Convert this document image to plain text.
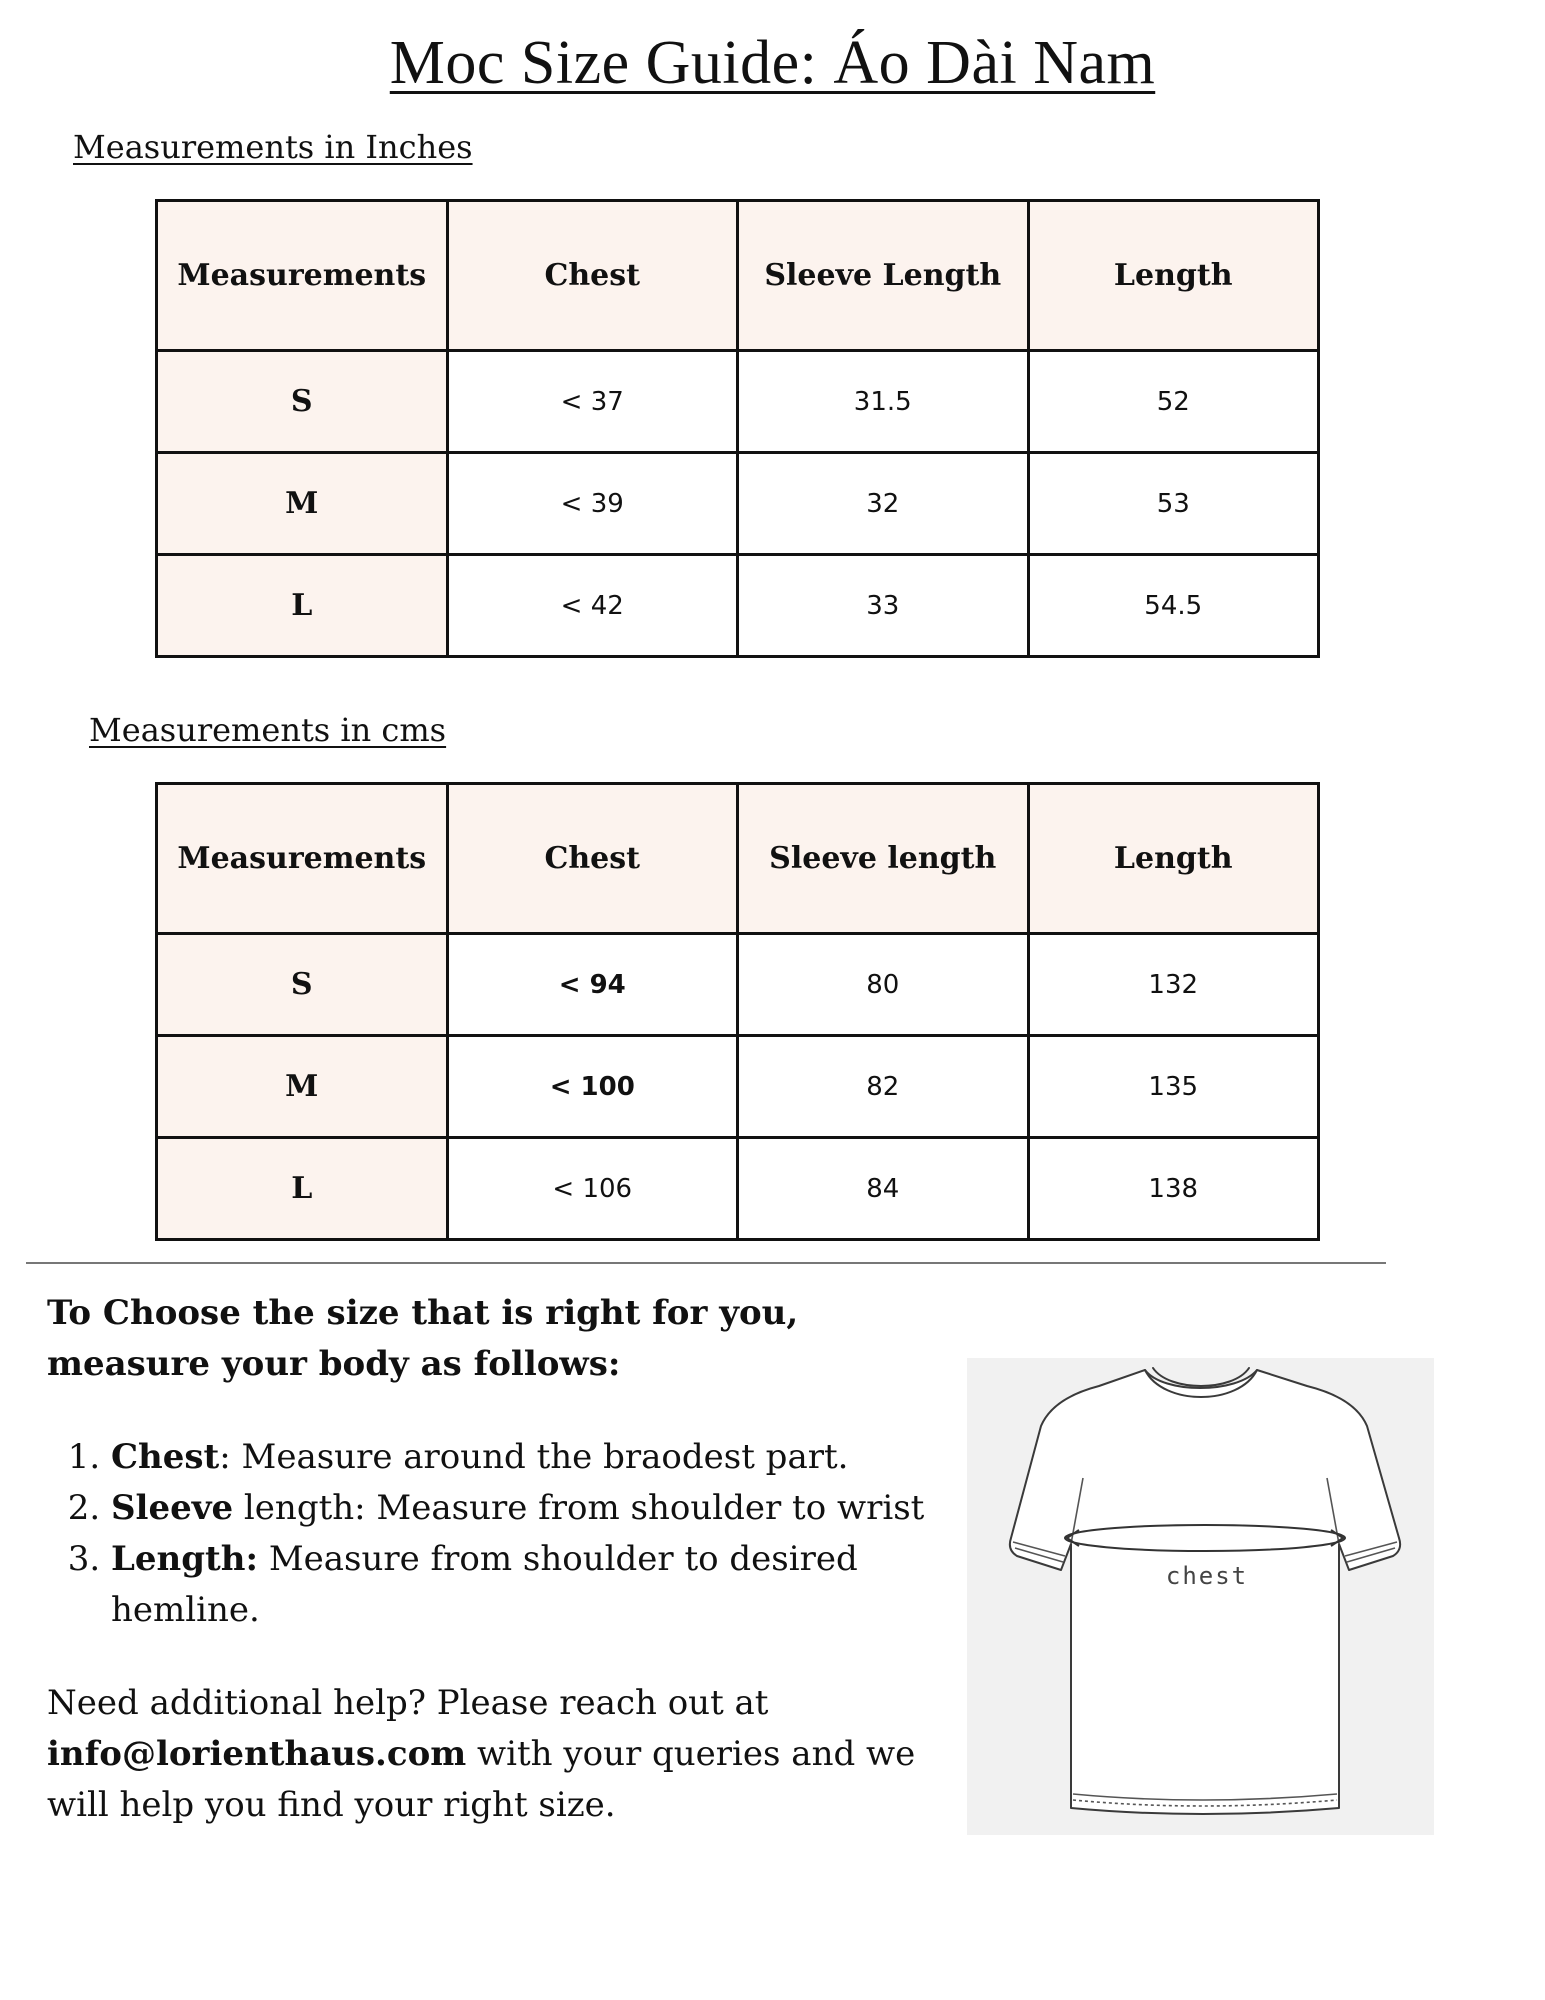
Moc Size Guide: Áo Dài Nam
Measurements in Inches
Measurements	Chest	Sleeve Length	Length
S	< 37	31.5	52
M	< 39	32	53
L	< 42	33	54.5
Measurements in cms
Measurements	Chest	Sleeve length	Length
S	< 94	80	132
M	< 100	82	135
L	< 106	84	138

To Choose the size that is right for you, measure your body as follows:

1. Chest: Measure around the braodest part.
2. Sleeve length: Measure from shoulder to wrist
3. Length: Measure from shoulder to desired hemline.

Need additional help? Please reach out at info@lorienthaus.com with your queries and we will help you find your right size.

chest
